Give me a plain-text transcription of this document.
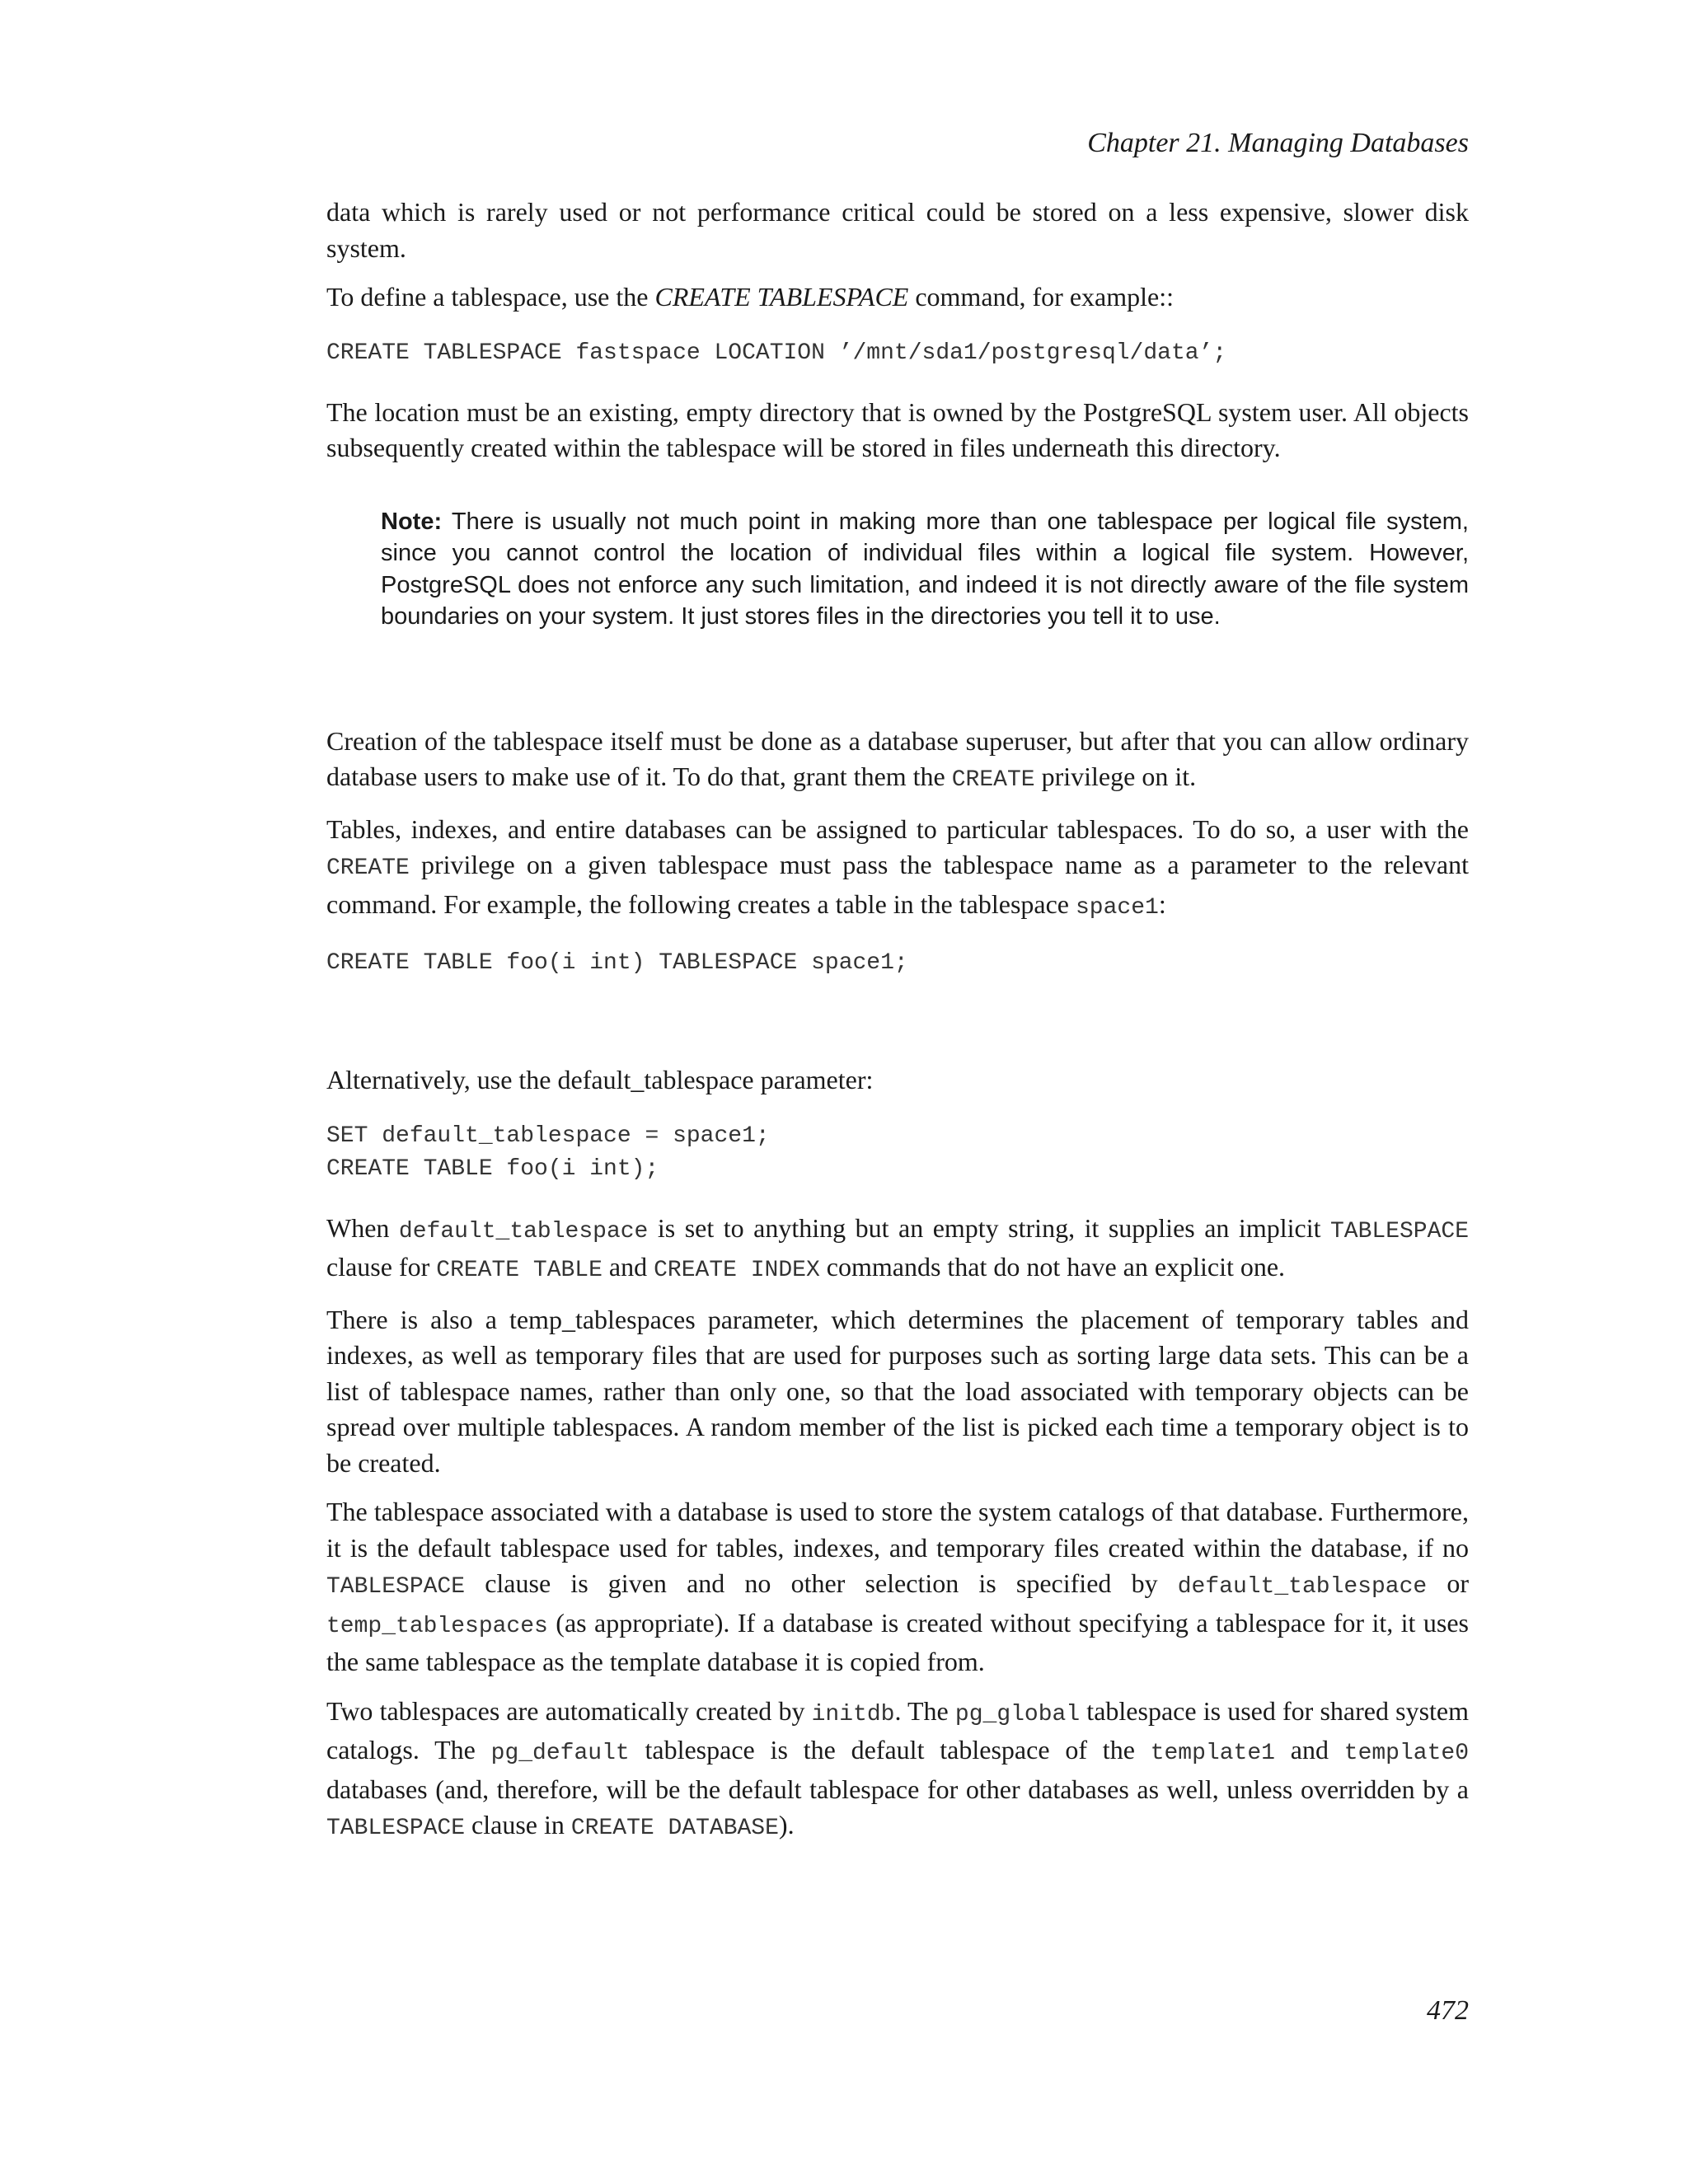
Chapter 21. Managing Databases

data which is rarely used or not performance critical could be stored on a less expensive, slower disk system.

To define a tablespace, use the CREATE TABLESPACE command, for example::

CREATE TABLESPACE fastspace LOCATION ’/mnt/sda1/postgresql/data’;

The location must be an existing, empty directory that is owned by the PostgreSQL system user. All objects subsequently created within the tablespace will be stored in files underneath this directory.

Note: There is usually not much point in making more than one tablespace per logical file system, since you cannot control the location of individual files within a logical file system. However, PostgreSQL does not enforce any such limitation, and indeed it is not directly aware of the file system boundaries on your system. It just stores files in the directories you tell it to use.

Creation of the tablespace itself must be done as a database superuser, but after that you can allow ordinary database users to make use of it. To do that, grant them the CREATE privilege on it.

Tables, indexes, and entire databases can be assigned to particular tablespaces. To do so, a user with the CREATE privilege on a given tablespace must pass the tablespace name as a parameter to the relevant command. For example, the following creates a table in the tablespace space1:

CREATE TABLE foo(i int) TABLESPACE space1;

Alternatively, use the default_tablespace parameter:

SET default_tablespace = space1;
CREATE TABLE foo(i int);

When default_tablespace is set to anything but an empty string, it supplies an implicit TABLESPACE clause for CREATE TABLE and CREATE INDEX commands that do not have an explicit one.

There is also a temp_tablespaces parameter, which determines the placement of temporary tables and indexes, as well as temporary files that are used for purposes such as sorting large data sets. This can be a list of tablespace names, rather than only one, so that the load associated with temporary objects can be spread over multiple tablespaces. A random member of the list is picked each time a temporary object is to be created.

The tablespace associated with a database is used to store the system catalogs of that database. Furthermore, it is the default tablespace used for tables, indexes, and temporary files created within the database, if no TABLESPACE clause is given and no other selection is specified by default_tablespace or temp_tablespaces (as appropriate). If a database is created without specifying a tablespace for it, it uses the same tablespace as the template database it is copied from.

Two tablespaces are automatically created by initdb. The pg_global tablespace is used for shared system catalogs. The pg_default tablespace is the default tablespace of the template1 and template0 databases (and, therefore, will be the default tablespace for other databases as well, unless overridden by a TABLESPACE clause in CREATE DATABASE).

472
